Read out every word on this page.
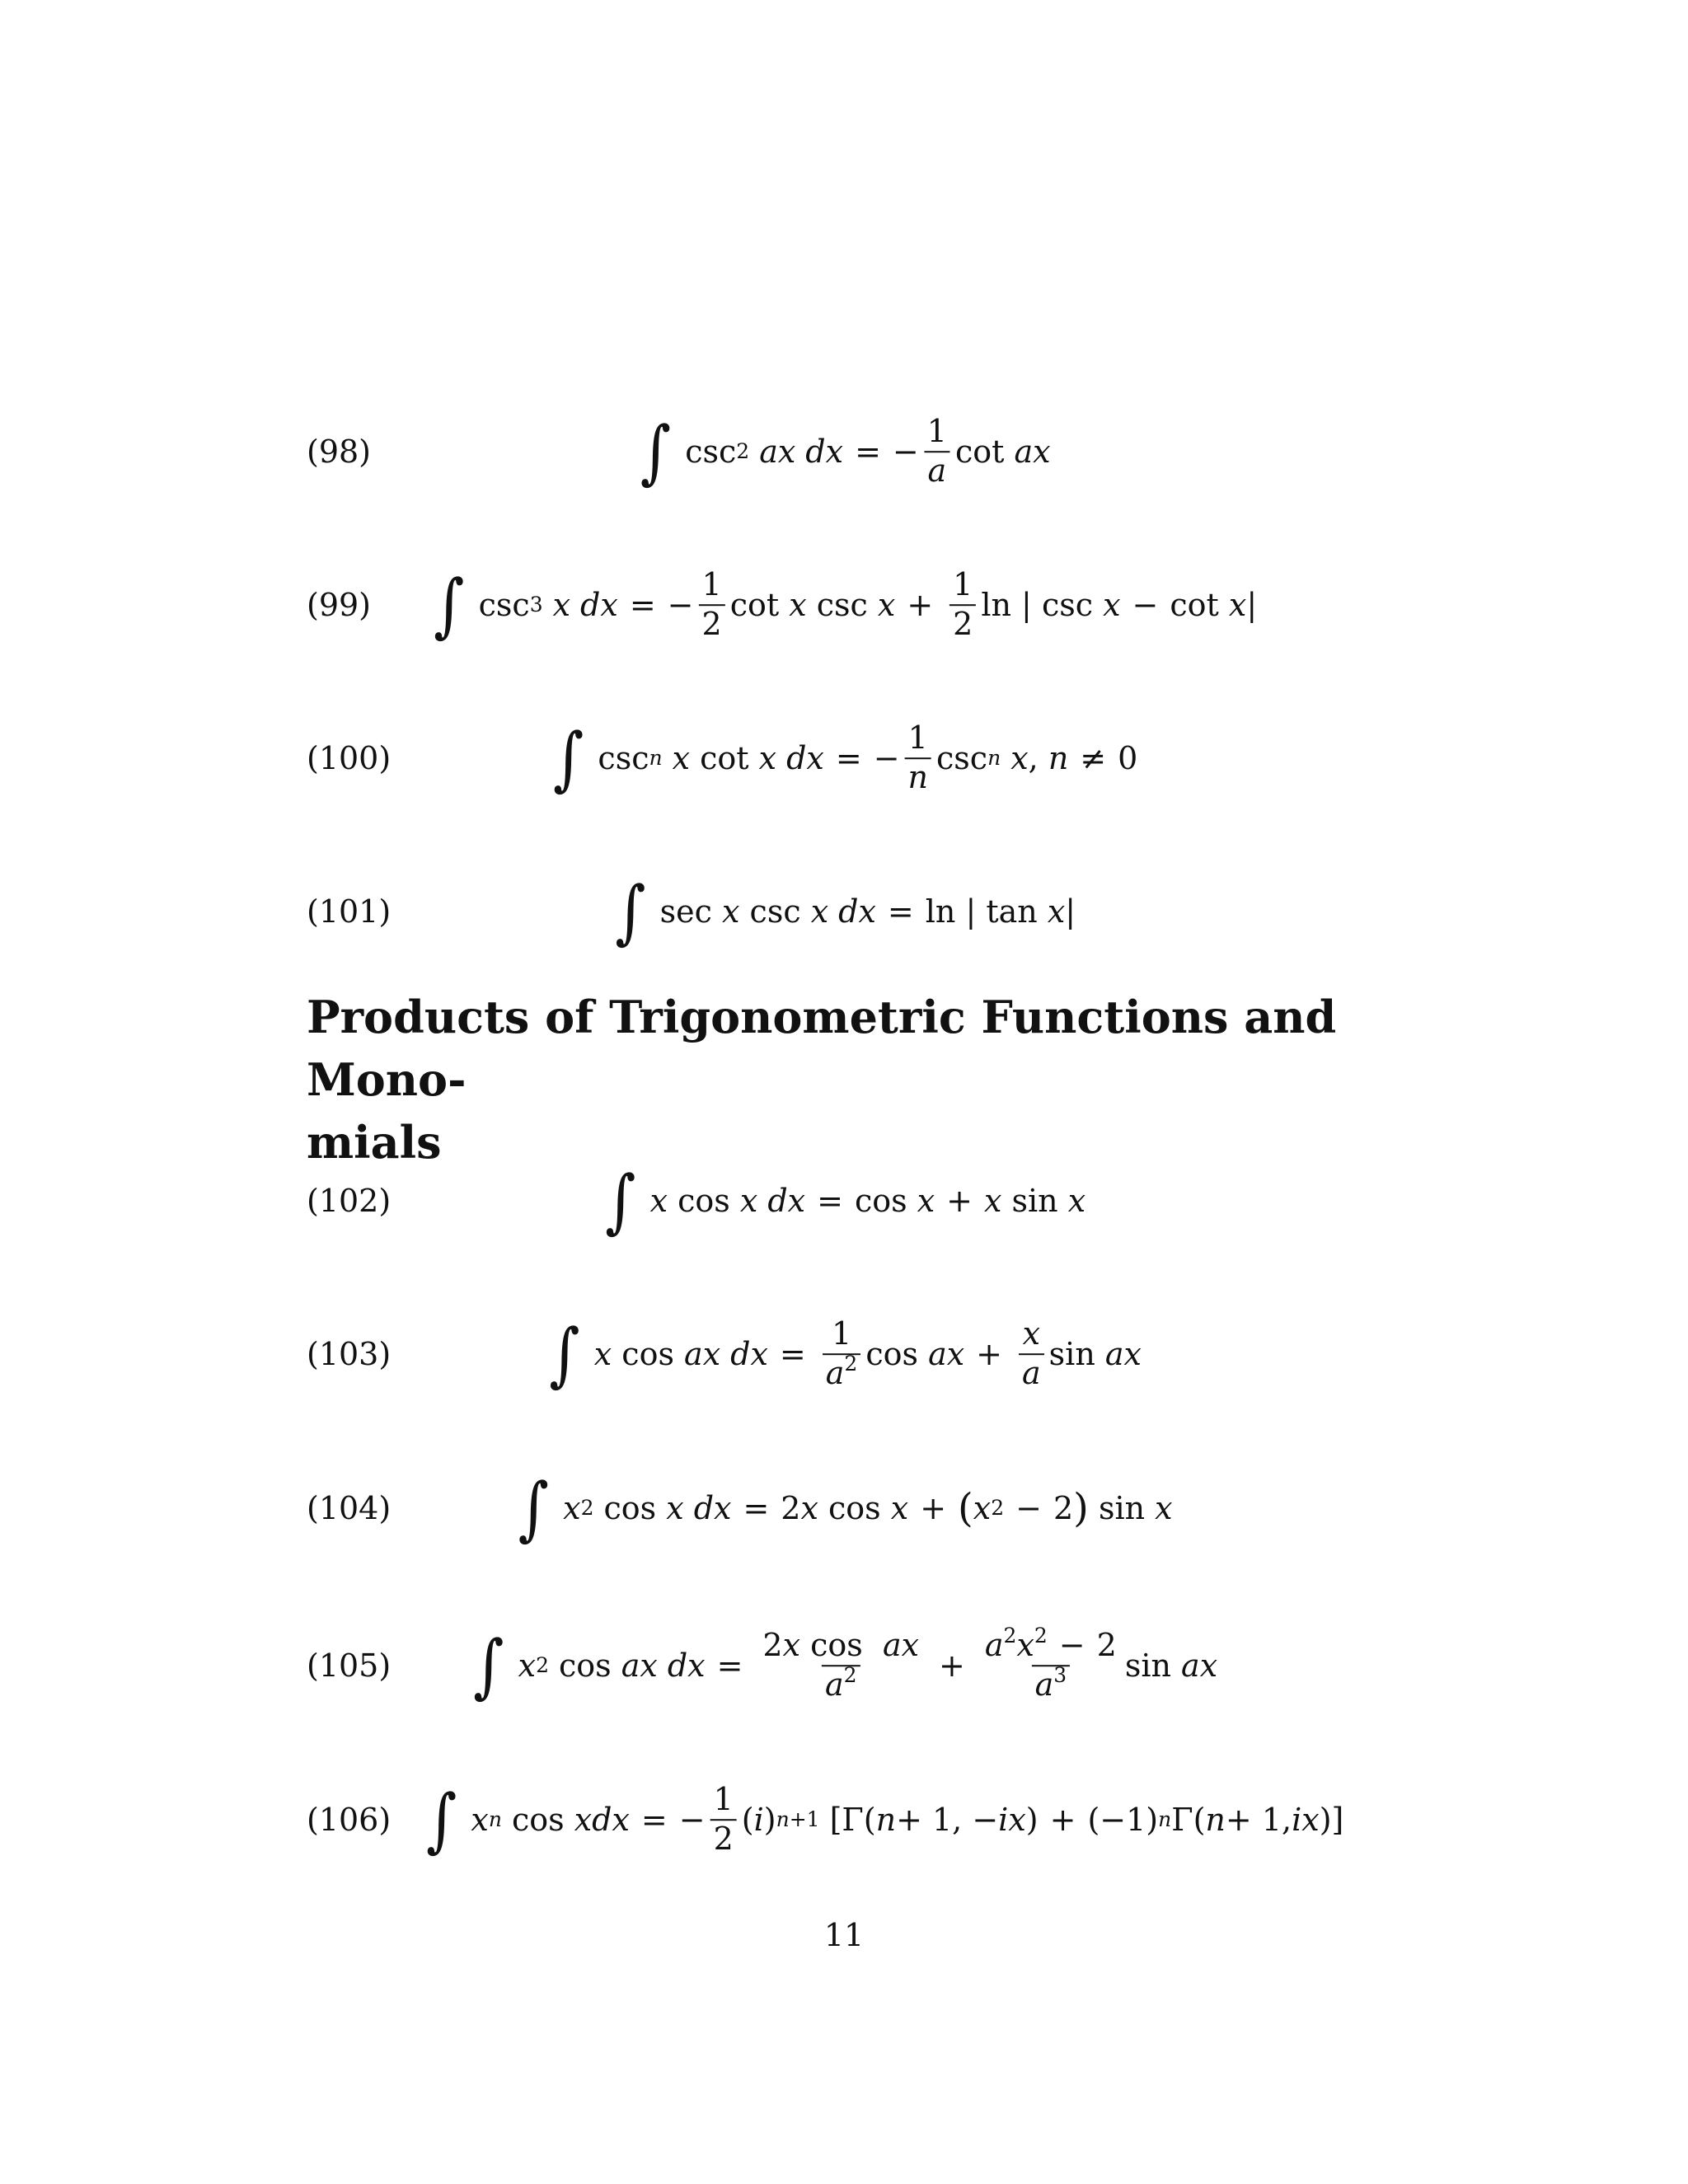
(98)	∫ csc 2 ax dx = − $\frac{1}{a}$ cot ax
(99) ∫ csc 3 x dx = − $\frac{1}{2}$ cot x $\csc x + \frac{1}{2}$ ln | csc x − cot x |
(100) ∫ csc n x cot x dx = − $\frac{1}{n}$ csc n x , n ≠ 0
(101)	∫ sec x csc x dx = ln | tan x |
Products of Trigonometric Functions and Mono-
mials
(102)	∫ x cos x dx = cos x + x sin x
(103) ∫ x cos ax dx = $\frac{1}{a^2}$ cos ax + $\frac{x}{a}$ sin ax
(104) ∫ x 2 cos x dx = 2 x cos x + ( x 2 − 2 ) sin x
(105) ∫ x 2 cos ax dx = $\frac{\text{2x cos  ax}}{a^2} + \frac{a^2x^2 - 2}{a^3}$ sin ax
(106) ∫ x n cos xdx = − $\frac{1}{2}$ ( i ) n+1 [Γ( n + 1, − ix ) + (−1) n Γ( n + 1, ix )]
11
